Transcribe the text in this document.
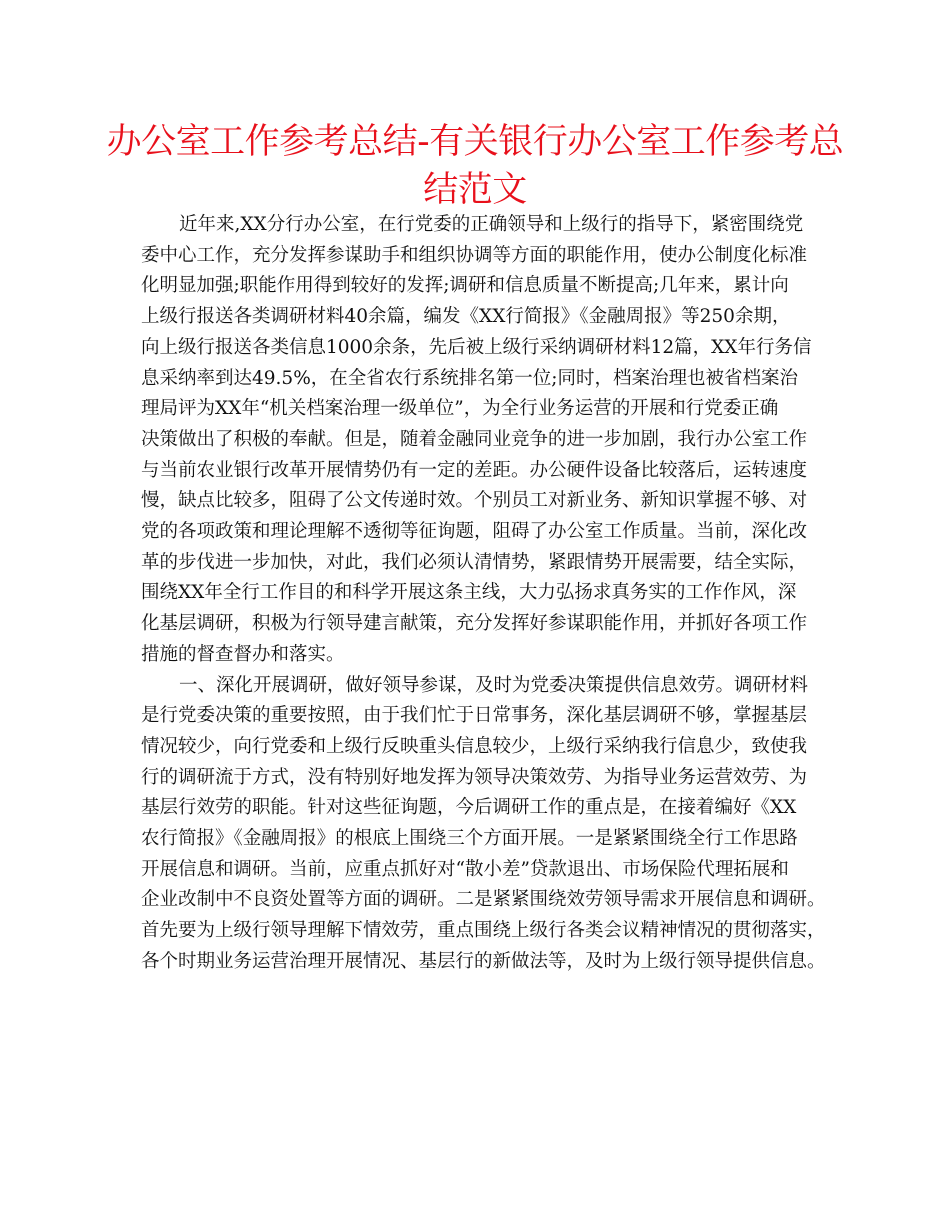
办公室工作参考总结-有关银行办公室工作参考总
结范文

近年来,XX分行办公室，在行党委的正确领导和上级行的指导下，紧密围绕党
委中心工作，充分发挥参谋助手和组织协调等方面的职能作用，使办公制度化标准
化明显加强;职能作用得到较好的发挥;调研和信息质量不断提高;几年来，累计向
上级行报送各类调研材料40余篇，编发《XX行简报》《金融周报》等250余期，
向上级行报送各类信息1000余条，先后被上级行采纳调研材料12篇，XX年行务信
息采纳率到达49.5%，在全省农行系统排名第一位;同时，档案治理也被省档案治
理局评为XX年“机关档案治理一级单位”，为全行业务运营的开展和行党委正确
决策做出了积极的奉献。但是，随着金融同业竞争的进一步加剧，我行办公室工作
与当前农业银行改革开展情势仍有一定的差距。办公硬件设备比较落后，运转速度
慢，缺点比较多，阻碍了公文传递时效。个别员工对新业务、新知识掌握不够、对
党的各项政策和理论理解不透彻等征询题，阻碍了办公室工作质量。当前，深化改
革的步伐进一步加快，对此，我们必须认清情势，紧跟情势开展需要，结全实际，
围绕XX年全行工作目的和科学开展这条主线，大力弘扬求真务实的工作作风，深
化基层调研，积极为行领导建言献策，充分发挥好参谋职能作用，并抓好各项工作
措施的督查督办和落实。

一、深化开展调研，做好领导参谋，及时为党委决策提供信息效劳。调研材料
是行党委决策的重要按照，由于我们忙于日常事务，深化基层调研不够，掌握基层
情况较少，向行党委和上级行反映重头信息较少，上级行采纳我行信息少，致使我
行的调研流于方式，没有特别好地发挥为领导决策效劳、为指导业务运营效劳、为
基层行效劳的职能。针对这些征询题，今后调研工作的重点是，在接着编好《XX
农行简报》《金融周报》的根底上围绕三个方面开展。一是紧紧围绕全行工作思路
开展信息和调研。当前，应重点抓好对“散小差”贷款退出、市场保险代理拓展和
企业改制中不良资处置等方面的调研。二是紧紧围绕效劳领导需求开展信息和调研。
首先要为上级行领导理解下情效劳，重点围绕上级行各类会议精神情况的贯彻落实，
各个时期业务运营治理开展情况、基层行的新做法等，及时为上级行领导提供信息。
